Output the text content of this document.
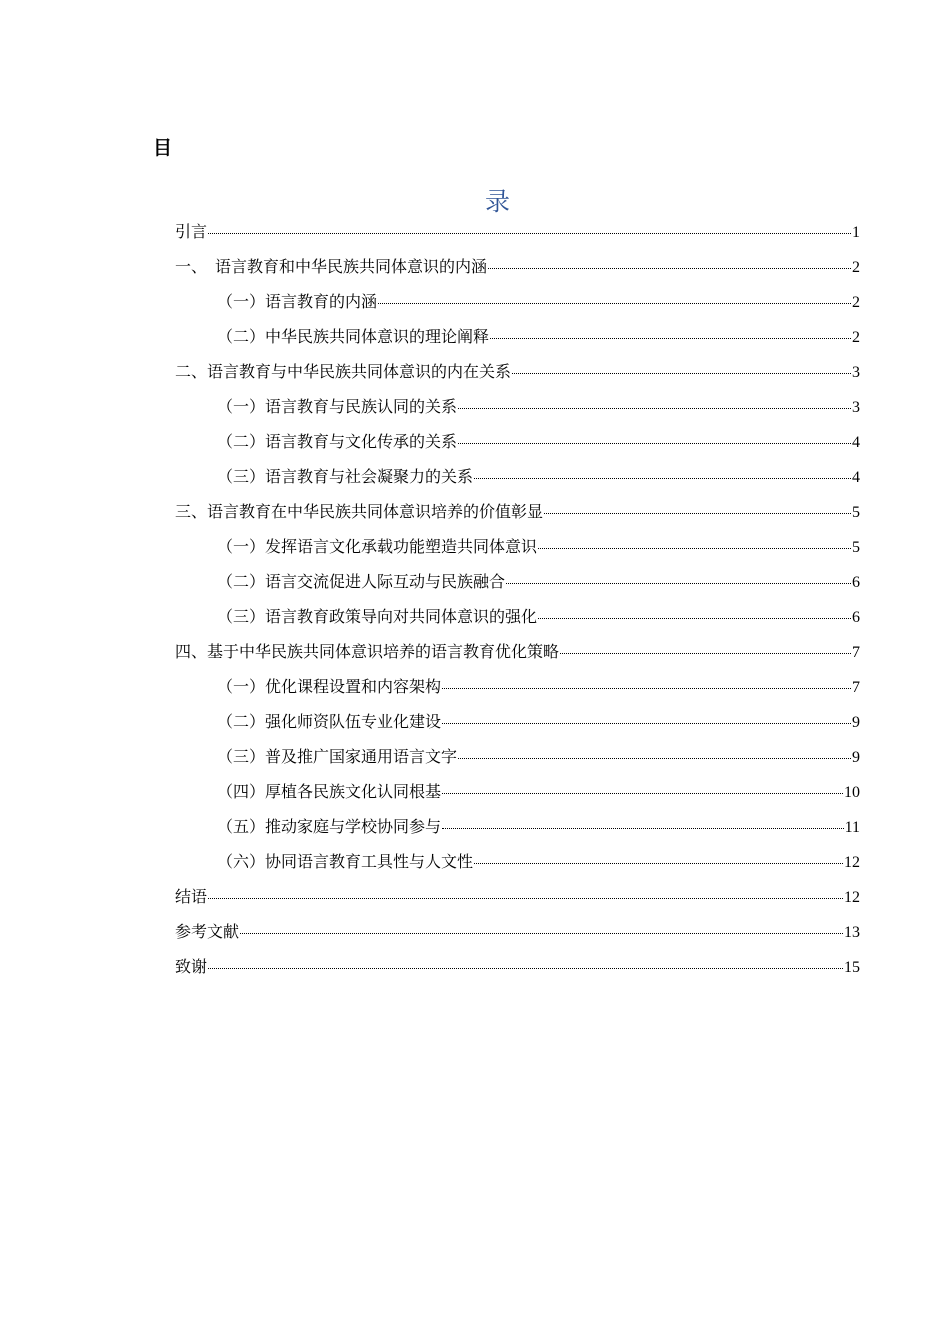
目
录
引言	1
一、　语言教育和中华民族共同体意识的内涵	2
（一）语言教育的内涵	2
（二）中华民族共同体意识的理论阐释	2
二、语言教育与中华民族共同体意识的内在关系	3
（一）语言教育与民族认同的关系	3
（二）语言教育与文化传承的关系	4
（三）语言教育与社会凝聚力的关系	4
三、语言教育在中华民族共同体意识培养的价值彰显	5
（一）发挥语言文化承载功能塑造共同体意识	5
（二）语言交流促进人际互动与民族融合	6
（三）语言教育政策导向对共同体意识的强化	6
四、基于中华民族共同体意识培养的语言教育优化策略	7
（一）优化课程设置和内容架构	7
（二）强化师资队伍专业化建设	9
（三）普及推广国家通用语言文字	9
（四）厚植各民族文化认同根基	10
（五）推动家庭与学校协同参与	11
（六）协同语言教育工具性与人文性	12
结语	12
参考文献	13
致谢	15
